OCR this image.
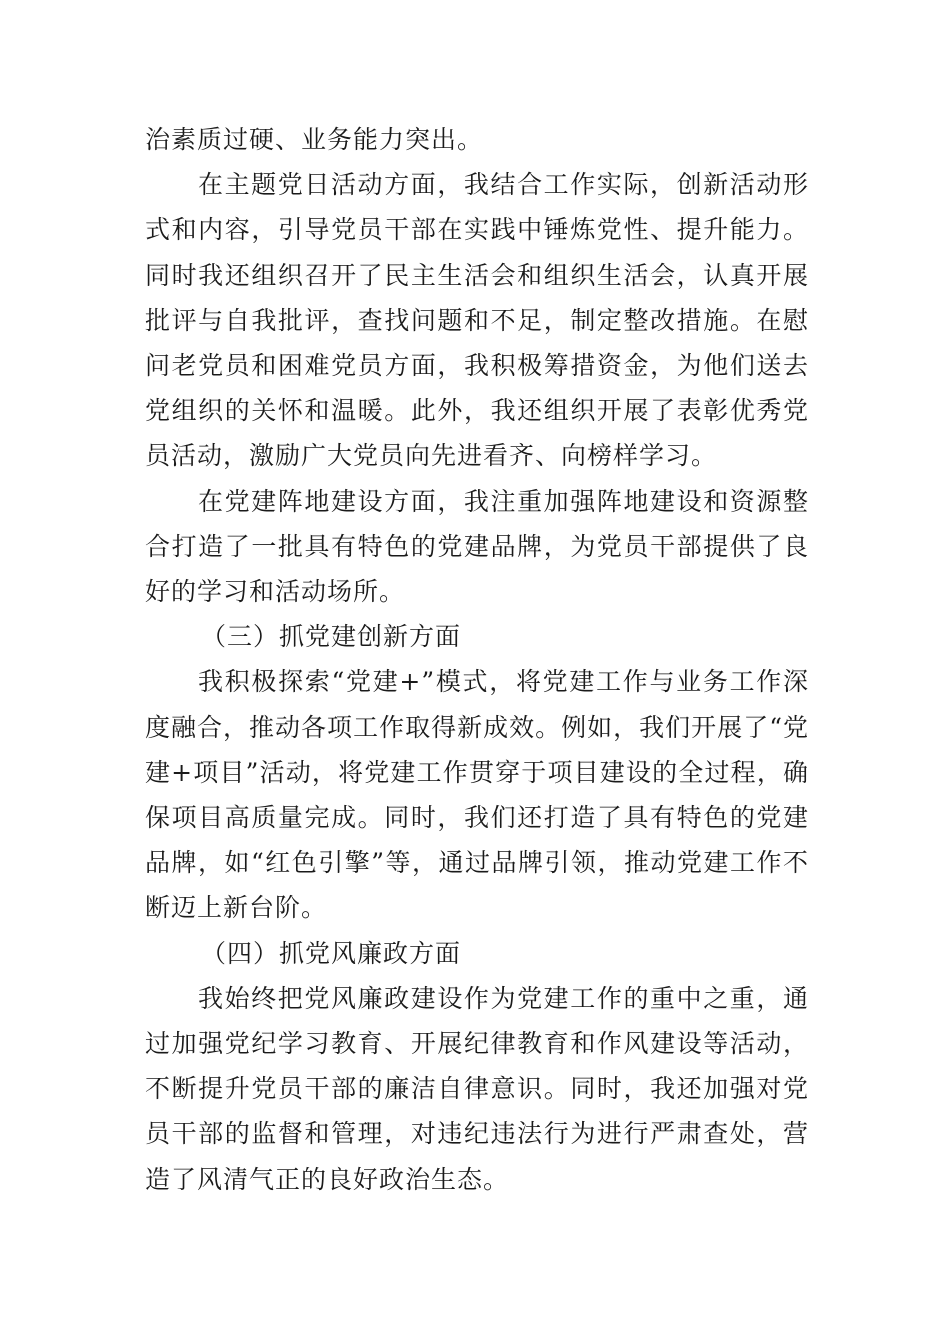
治素质过硬、业务能力突出。

在主题党日活动方面，我结合工作实际，创新活动形式和内容，引导党员干部在实践中锤炼党性、提升能力。同时我还组织召开了民主生活会和组织生活会，认真开展批评与自我批评，查找问题和不足，制定整改措施。在慰问老党员和困难党员方面，我积极筹措资金，为他们送去党组织的关怀和温暖。此外，我还组织开展了表彰优秀党员活动，激励广大党员向先进看齐、向榜样学习。

在党建阵地建设方面，我注重加强阵地建设和资源整合打造了一批具有特色的党建品牌，为党员干部提供了良好的学习和活动场所。

（三）抓党建创新方面

我积极探索“党建+”模式，将党建工作与业务工作深度融合，推动各项工作取得新成效。例如，我们开展了“党建+项目”活动，将党建工作贯穿于项目建设的全过程，确保项目高质量完成。同时，我们还打造了具有特色的党建品牌，如“红色引擎”等，通过品牌引领，推动党建工作不断迈上新台阶。

（四）抓党风廉政方面

我始终把党风廉政建设作为党建工作的重中之重，通过加强党纪学习教育、开展纪律教育和作风建设等活动，不断提升党员干部的廉洁自律意识。同时，我还加强对党员干部的监督和管理，对违纪违法行为进行严肃查处，营造了风清气正的良好政治生态。
